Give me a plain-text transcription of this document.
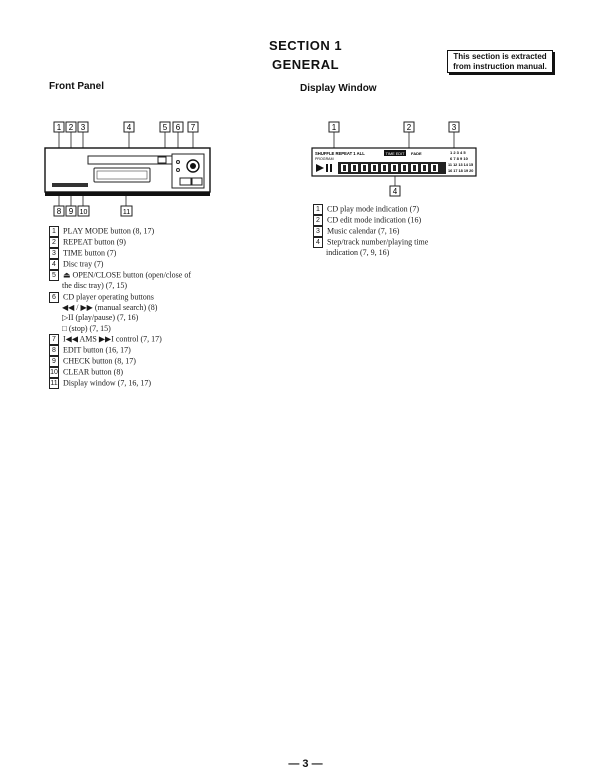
SECTION 1
GENERAL
This section is extracted
from instruction manual.
Front Panel	Display Window
1 2 3	4	5 6 7
8 9 10	11
1	2	3
SHUFFLE REPEAT 1 ALL
PROGRAM
TIME EDIT FADE	1 2 3 4 5
6 7 8 9 10
11 12 13 14 15
16 17 18 19 20
4
1 PLAY MODE button (8, 17)
2 REPEAT button (9)
3 TIME button (7)
4 Disc tray (7)
5 ⏏ OPEN/CLOSE button (open/close of
the disc tray) (7, 15)
6 CD player operating buttons
◀◀ / ▶▶ (manual search) (8)
▷II (play/pause) (7, 16)
□ (stop) (7, 15)
7 I◀◀ AMS ▶▶I control (7, 17)
8 EDIT button (16, 17)
9 CHECK button (8, 17)
10 CLEAR button (8)
11 Display window (7, 16, 17)
1 CD play mode indication (7)
2 CD edit mode indication (16)
3 Music calendar (7, 16)
4 Step/track number/playing time
indication (7, 9, 16)
— 3 —
